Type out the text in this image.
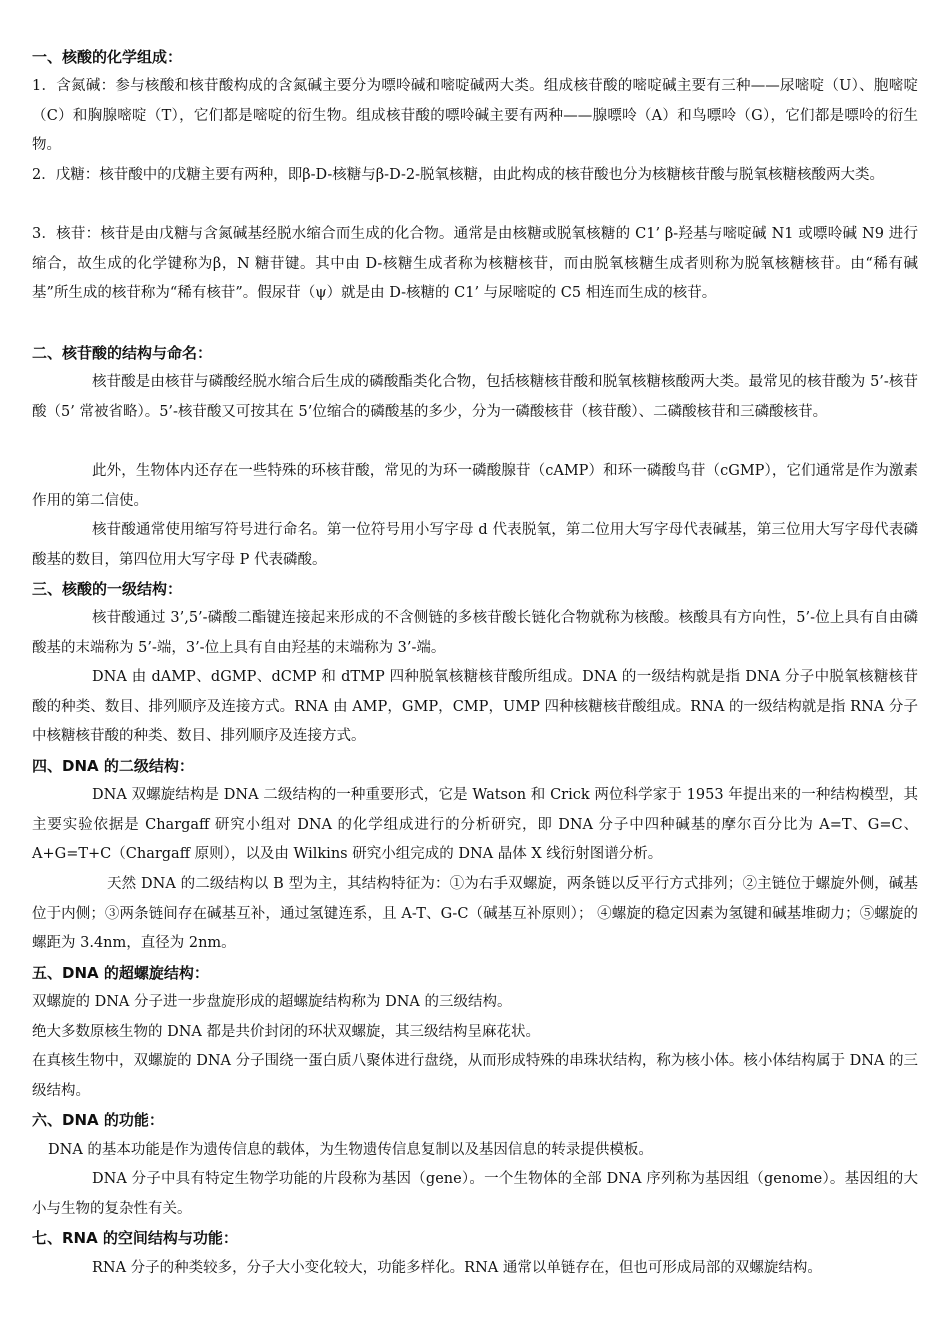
一、核酸的化学组成：

1．含氮碱：参与核酸和核苷酸构成的含氮碱主要分为嘌呤碱和嘧啶碱两大类。组成核苷酸的嘧啶碱主要有三种——尿嘧啶（U）、胞嘧啶（C）和胸腺嘧啶（T），它们都是嘧啶的衍生物。组成核苷酸的嘌呤碱主要有两种——腺嘌呤（A）和鸟嘌呤（G），它们都是嘌呤的衍生物。

2．戊糖：核苷酸中的戊糖主要有两种，即β-D-核糖与β-D-2-脱氧核糖，由此构成的核苷酸也分为核糖核苷酸与脱氧核糖核酸两大类。

3．核苷：核苷是由戊糖与含氮碱基经脱水缩合而生成的化合物。通常是由核糖或脱氧核糖的 C1’ β-羟基与嘧啶碱 N1 或嘌呤碱 N9 进行缩合，故生成的化学键称为β，N 糖苷键。其中由 D-核糖生成者称为核糖核苷，而由脱氧核糖生成者则称为脱氧核糖核苷。由“稀有碱基”所生成的核苷称为“稀有核苷”。假尿苷（ψ）就是由 D-核糖的 C1’ 与尿嘧啶的 C5 相连而生成的核苷。

二、核苷酸的结构与命名：

核苷酸是由核苷与磷酸经脱水缩合后生成的磷酸酯类化合物，包括核糖核苷酸和脱氧核糖核酸两大类。最常见的核苷酸为 5’-核苷酸（5’ 常被省略）。5’-核苷酸又可按其在 5’位缩合的磷酸基的多少，分为一磷酸核苷（核苷酸）、二磷酸核苷和三磷酸核苷。

此外，生物体内还存在一些特殊的环核苷酸，常见的为环一磷酸腺苷（cAMP）和环一磷酸鸟苷（cGMP），它们通常是作为激素作用的第二信使。

核苷酸通常使用缩写符号进行命名。第一位符号用小写字母 d 代表脱氧，第二位用大写字母代表碱基，第三位用大写字母代表磷酸基的数目，第四位用大写字母 P 代表磷酸。

三、核酸的一级结构：

核苷酸通过 3’,5’-磷酸二酯键连接起来形成的不含侧链的多核苷酸长链化合物就称为核酸。核酸具有方向性，5’-位上具有自由磷酸基的末端称为 5’-端，3’-位上具有自由羟基的末端称为 3’-端。

DNA 由 dAMP、dGMP、dCMP 和 dTMP 四种脱氧核糖核苷酸所组成。DNA 的一级结构就是指 DNA 分子中脱氧核糖核苷酸的种类、数目、排列顺序及连接方式。RNA 由 AMP，GMP，CMP，UMP 四种核糖核苷酸组成。RNA 的一级结构就是指 RNA 分子中核糖核苷酸的种类、数目、排列顺序及连接方式。

四、DNA 的二级结构：

DNA 双螺旋结构是 DNA 二级结构的一种重要形式，它是 Watson 和 Crick 两位科学家于 1953 年提出来的一种结构模型，其主要实验依据是 Chargaff 研究小组对 DNA 的化学组成进行的分析研究，即 DNA 分子中四种碱基的摩尔百分比为 A=T、G=C、A+G=T+C（Chargaff 原则），以及由 Wilkins 研究小组完成的 DNA 晶体 X 线衍射图谱分析。

天然 DNA 的二级结构以 B 型为主，其结构特征为：①为右手双螺旋，两条链以反平行方式排列；②主链位于螺旋外侧，碱基位于内侧；③两条链间存在碱基互补，通过氢键连系，且 A-T、G-C（碱基互补原则）； ④螺旋的稳定因素为氢键和碱基堆砌力；⑤螺旋的螺距为 3.4nm，直径为 2nm。

五、DNA 的超螺旋结构：

双螺旋的 DNA 分子进一步盘旋形成的超螺旋结构称为 DNA 的三级结构。

绝大多数原核生物的 DNA 都是共价封闭的环状双螺旋，其三级结构呈麻花状。

在真核生物中，双螺旋的 DNA 分子围绕一蛋白质八聚体进行盘绕，从而形成特殊的串珠状结构，称为核小体。核小体结构属于 DNA 的三级结构。

六、DNA 的功能：

DNA 的基本功能是作为遗传信息的载体，为生物遗传信息复制以及基因信息的转录提供模板。

DNA 分子中具有特定生物学功能的片段称为基因（gene）。一个生物体的全部 DNA 序列称为基因组（genome）。基因组的大小与生物的复杂性有关。

七、RNA 的空间结构与功能：

RNA 分子的种类较多，分子大小变化较大，功能多样化。RNA 通常以单链存在，但也可形成局部的双螺旋结构。
